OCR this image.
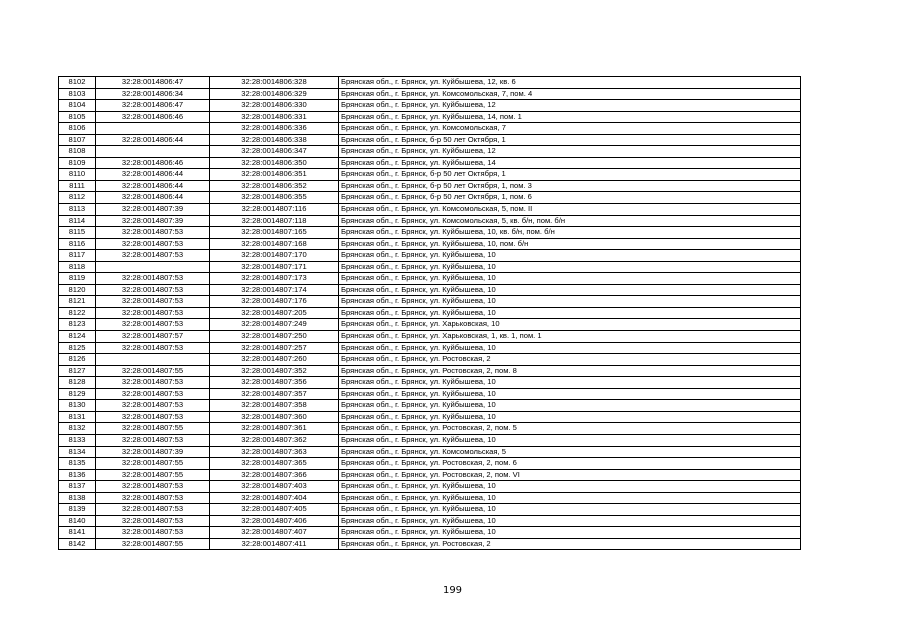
8102	32:28:0014806:47	32:28:0014806:328	Брянская обл., г. Брянск, ул. Куйбышева, 12, кв. 6
8103	32:28:0014806:34	32:28:0014806:329	Брянская обл., г. Брянск, ул. Комсомольская, 7, пом. 4
8104	32:28:0014806:47	32:28:0014806:330	Брянская обл., г. Брянск, ул. Куйбышева, 12
8105	32:28:0014806:46	32:28:0014806:331	Брянская обл., г. Брянск, ул. Куйбышева, 14, пом. 1
8106		32:28:0014806:336	Брянская обл., г. Брянск, ул. Комсомольская, 7
8107	32:28:0014806:44	32:28:0014806:338	Брянская обл., г. Брянск, б-р 50 лет Октября, 1
8108		32:28:0014806:347	Брянская обл., г. Брянск, ул. Куйбышева, 12
8109	32:28:0014806:46	32:28:0014806:350	Брянская обл., г. Брянск, ул. Куйбышева, 14
8110	32:28:0014806:44	32:28:0014806:351	Брянская обл., г. Брянск, б-р 50 лет Октября, 1
8111	32:28:0014806:44	32:28:0014806:352	Брянская обл., г. Брянск, б-р 50 лет Октября, 1, пом. 3
8112	32:28:0014806:44	32:28:0014806:355	Брянская обл., г. Брянск, б-р 50 лет Октября, 1, пом. 6
8113	32:28:0014807:39	32:28:0014807:116	Брянская обл., г. Брянск, ул. Комсомольская, 5, пом. II
8114	32:28:0014807:39	32:28:0014807:118	Брянская обл., г. Брянск, ул. Комсомольская, 5, кв. б/н, пом. б/н
8115	32:28:0014807:53	32:28:0014807:165	Брянская обл., г. Брянск, ул. Куйбышева, 10, кв. б/н, пом. б/н
8116	32:28:0014807:53	32:28:0014807:168	Брянская обл., г. Брянск, ул. Куйбышева, 10, пом. б/н
8117	32:28:0014807:53	32:28:0014807:170	Брянская обл., г. Брянск, ул. Куйбышева, 10
8118		32:28:0014807:171	Брянская обл., г. Брянск, ул. Куйбышева, 10
8119	32:28:0014807:53	32:28:0014807:173	Брянская обл., г. Брянск, ул. Куйбышева, 10
8120	32:28:0014807:53	32:28:0014807:174	Брянская обл., г. Брянск, ул. Куйбышева, 10
8121	32:28:0014807:53	32:28:0014807:176	Брянская обл., г. Брянск, ул. Куйбышева, 10
8122	32:28:0014807:53	32:28:0014807:205	Брянская обл., г. Брянск, ул. Куйбышева, 10
8123	32:28:0014807:53	32:28:0014807:249	Брянская обл., г. Брянск, ул. Харьковская, 10
8124	32:28:0014807:57	32:28:0014807:250	Брянская обл., г. Брянск, ул. Харьковская, 1, кв. 1, пом. 1
8125	32:28:0014807:53	32:28:0014807:257	Брянская обл., г. Брянск, ул. Куйбышева, 10
8126		32:28:0014807:260	Брянская обл., г. Брянск, ул. Ростовская, 2
8127	32:28:0014807:55	32:28:0014807:352	Брянская обл., г. Брянск, ул. Ростовская, 2, пом. 8
8128	32:28:0014807:53	32:28:0014807:356	Брянская обл., г. Брянск, ул. Куйбышева, 10
8129	32:28:0014807:53	32:28:0014807:357	Брянская обл., г. Брянск, ул. Куйбышева, 10
8130	32:28:0014807:53	32:28:0014807:358	Брянская обл., г. Брянск, ул. Куйбышева, 10
8131	32:28:0014807:53	32:28:0014807:360	Брянская обл., г. Брянск, ул. Куйбышева, 10
8132	32:28:0014807:55	32:28:0014807:361	Брянская обл., г. Брянск, ул. Ростовская, 2, пом. 5
8133	32:28:0014807:53	32:28:0014807:362	Брянская обл., г. Брянск, ул. Куйбышева, 10
8134	32:28:0014807:39	32:28:0014807:363	Брянская обл., г. Брянск, ул. Комсомольская, 5
8135	32:28:0014807:55	32:28:0014807:365	Брянская обл., г. Брянск, ул. Ростовская, 2, пом. 6
8136	32:28:0014807:55	32:28:0014807:366	Брянская обл., г. Брянск, ул. Ростовская, 2, пом. VI
8137	32:28:0014807:53	32:28:0014807:403	Брянская обл., г. Брянск, ул. Куйбышева, 10
8138	32:28:0014807:53	32:28:0014807:404	Брянская обл., г. Брянск, ул. Куйбышева, 10
8139	32:28:0014807:53	32:28:0014807:405	Брянская обл., г. Брянск, ул. Куйбышева, 10
8140	32:28:0014807:53	32:28:0014807:406	Брянская обл., г. Брянск, ул. Куйбышева, 10
8141	32:28:0014807:53	32:28:0014807:407	Брянская обл., г. Брянск, ул. Куйбышева, 10
8142	32:28:0014807:55	32:28:0014807:411	Брянская обл., г. Брянск, ул. Ростовская, 2
199
